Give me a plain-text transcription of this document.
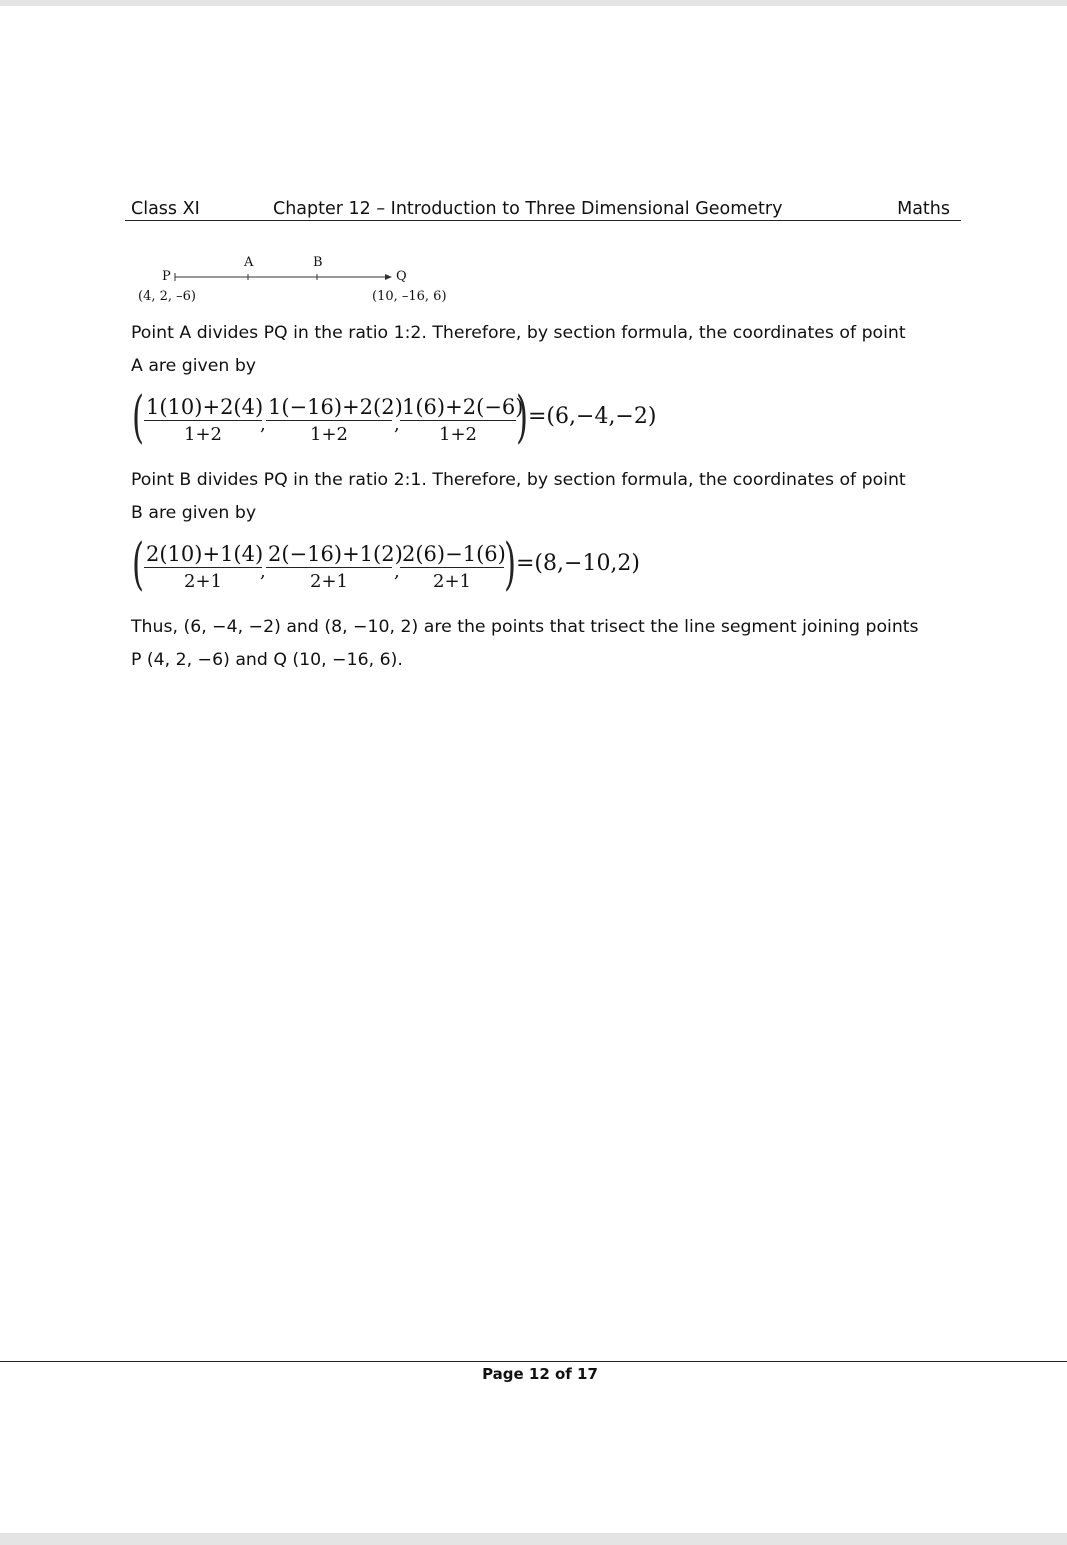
Class XI	Chapter 12 – Introduction to Three Dimensional Geometry	Maths
P
A	B
Q
(4, 2, –6)	(10, –16, 6)

Point A divides PQ in the ratio 1:2. Therefore, by section formula, the coordinates of point A are given by

( $\frac{1(10)+2(4)}{1+2}$
, $\frac{1(-16)+2(2)}{1+2}$ , $\frac{1(6)+2(-6)}{1+2}$ ) =(6,−4,−2)

Point B divides PQ in the ratio 2:1. Therefore, by section formula, the coordinates of point B are given by

( $\frac{2(10)+1(4)}{2+1}$
, $\frac{2(-16)+1(2)}{2+1}$ , $\frac{2(6)-1(6)}{2+1}$ ) =(8,−10,2)

Thus, (6, −4, −2) and (8, −10, 2) are the points that trisect the line segment joining points P (4, 2, −6) and Q (10, −16, 6).

Page 12 of 17
